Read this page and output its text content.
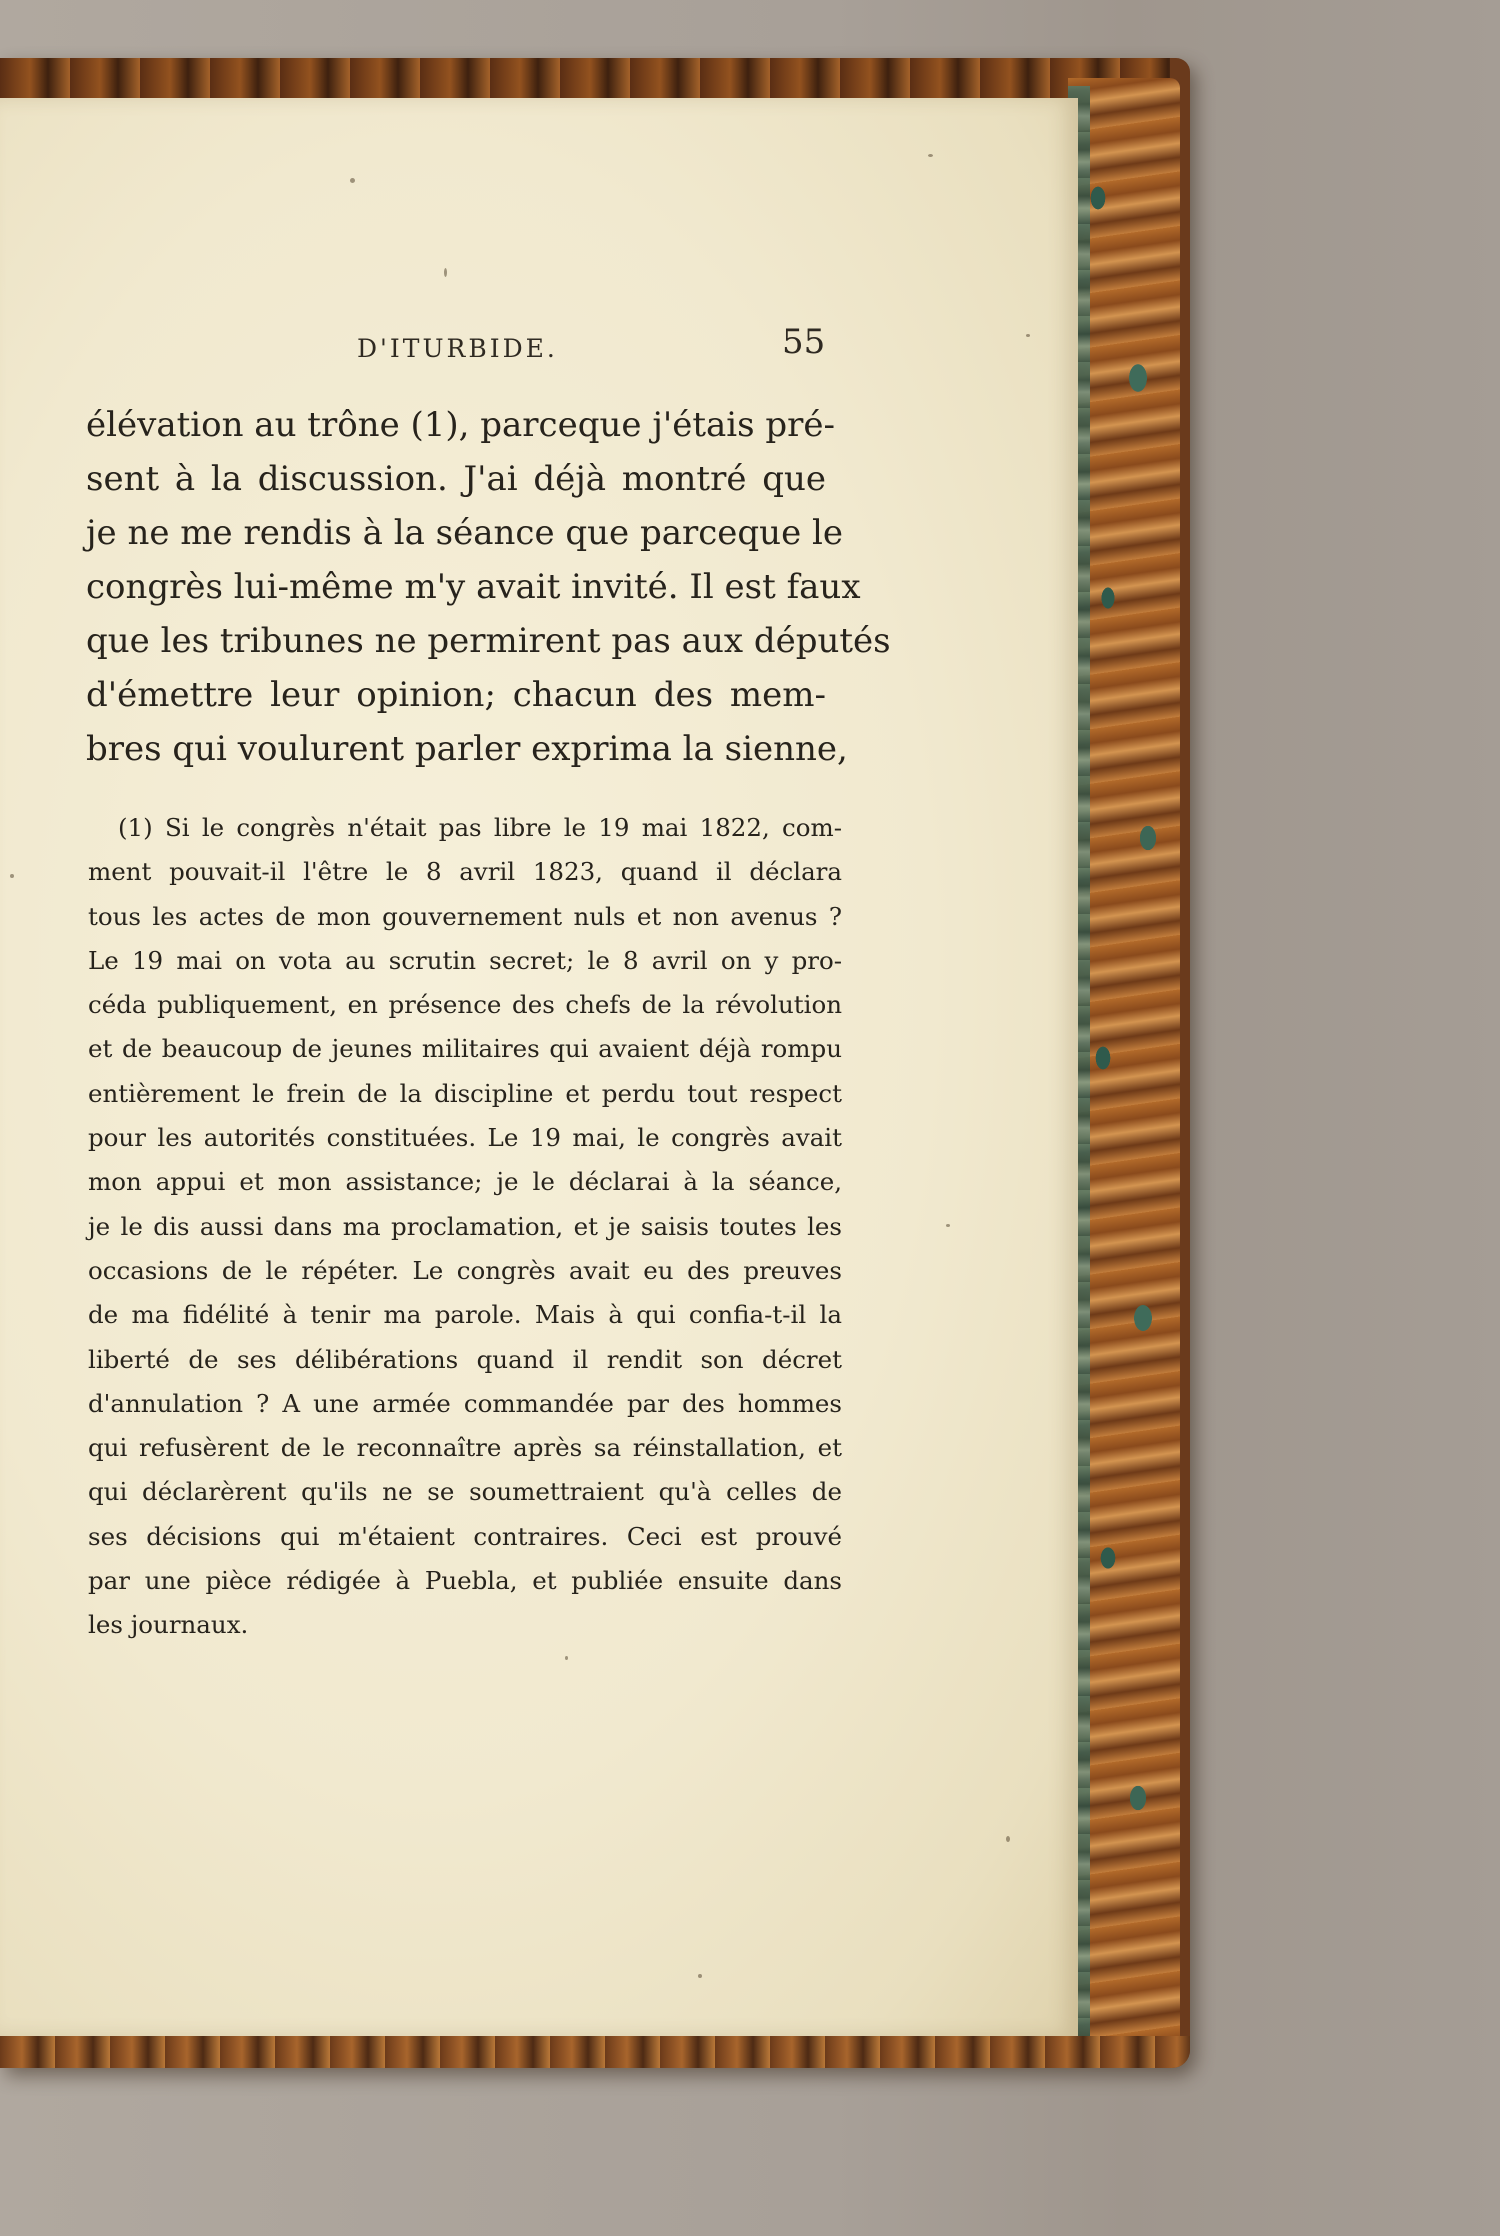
D'ITURBIDE.	55
élévation au trône (1), parceque j'étais pré-
sent à la discussion. J'ai déjà montré que
je ne me rendis à la séance que parceque le
congrès lui-même m'y avait invité. Il est faux
que les tribunes ne permirent pas aux députés
d'émettre leur opinion; chacun des mem-
bres qui voulurent parler exprima la sienne,
(1) Si le congrès n'était pas libre le 19 mai 1822, com-
ment pouvait-il l'être le 8 avril 1823, quand il déclara
tous les actes de mon gouvernement nuls et non avenus ?
Le 19 mai on vota au scrutin secret; le 8 avril on y pro-
céda publiquement, en présence des chefs de la révolution
et de beaucoup de jeunes militaires qui avaient déjà rompu
entièrement le frein de la discipline et perdu tout respect
pour les autorités constituées. Le 19 mai, le congrès avait
mon appui et mon assistance; je le déclarai à la séance,
je le dis aussi dans ma proclamation, et je saisis toutes les
occasions de le répéter. Le congrès avait eu des preuves
de ma fidélité à tenir ma parole. Mais à qui confia-t-il la
liberté de ses délibérations quand il rendit son décret
d'annulation ? A une armée commandée par des hommes
qui refusèrent de le reconnaître après sa réinstallation, et
qui déclarèrent qu'ils ne se soumettraient qu'à celles de
ses décisions qui m'étaient contraires. Ceci est prouvé
par une pièce rédigée à Puebla, et publiée ensuite dans
les journaux.
